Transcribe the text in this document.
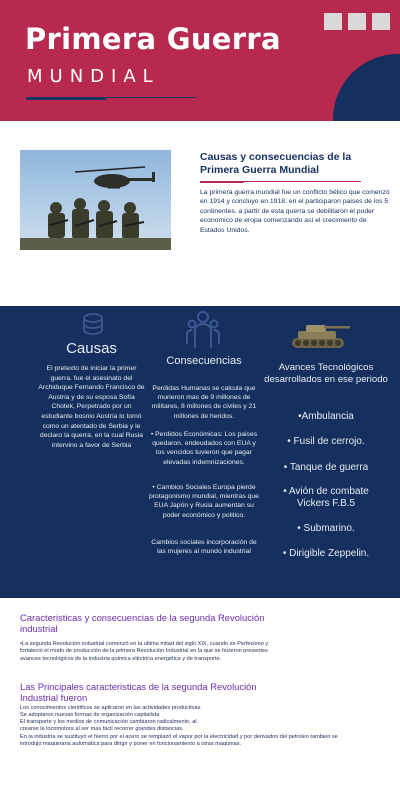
Primera Guerra
MUNDIAL
Causas y consecuencias de la Primera Guerra Mundial
La primera guerra mundial fue un conflicto bélico que comenzó en 1914 y concluyo en 1918. en el participaron paises de los 5 continentes. a partir de esta querra se debilitaron el poder economico de eropa comenzando así el crecimiento de Estados Unidos.
Causas
El pretexto de iniciar la primer guerra. fue el asesinato del Archiduque Fernando Francisco de Austria y de su esposa Sofía Chotek, Perpetrado por un estudiante bosnio Austria lo tomó como un atentado de Serbia y le declaro la querra, en la cual Rusia intervino a favor de Serbia
Consecuencias
Perdidas Humanas se calcula que murieron mas de 9 millones de militares, 8 millones de civiles y 21 millones de heridos.
• Perdidos Económicas: Los paises quedaron. endeudados con EUA y los vencidos tuvieron que pagar elevadas indemnizaciones.
• Cambios Sociales Europa pierde protagonismo mundial, mientras que EUA Japón y Rusia aumentan su poder económico y politico.
Cambios sociales incorporación de las mujeres al mundo industrial
Avances Tecnológicos desarrollados en ese periodo
•Ambulancia
• Fusil de cerrojo.
• Tanque de guerra
• Avión de combate Vickers F.B.5
• Submarino.
• Dirigible Zeppelin.
Caracteristicas y consecuencias de la segunda Revolución industrial
•La segunda Revolución industrial comenzó en la ultima mitad del siglo XIX, cuando se Perfeciono y fortaleció el modo de producción de la primera Revolución Industrial en la que se hicieron presentes avances tecnológicos de la industria quimica eléctrica energética y de transporte.
Las Principales caracteristicas de la segunda Revolución Industrial fueron
Los conocimientos cientificos se aplicaron en las actividades productivas.
Se adoptaron nuevas formas de organización capitalista
El transporte y los medios de comunicación cambiaron radicalmente, al
crearse la locomotora al ser mas facil recorrer grandes distancias.
En la industria se sustituyó el hierro por el acero se remplazó el vapor por la electricidad y por derivados del petroleo tambien se
introdujo maquinaria automática para dirigir y poner en funcionamiento a otras maquinas.
